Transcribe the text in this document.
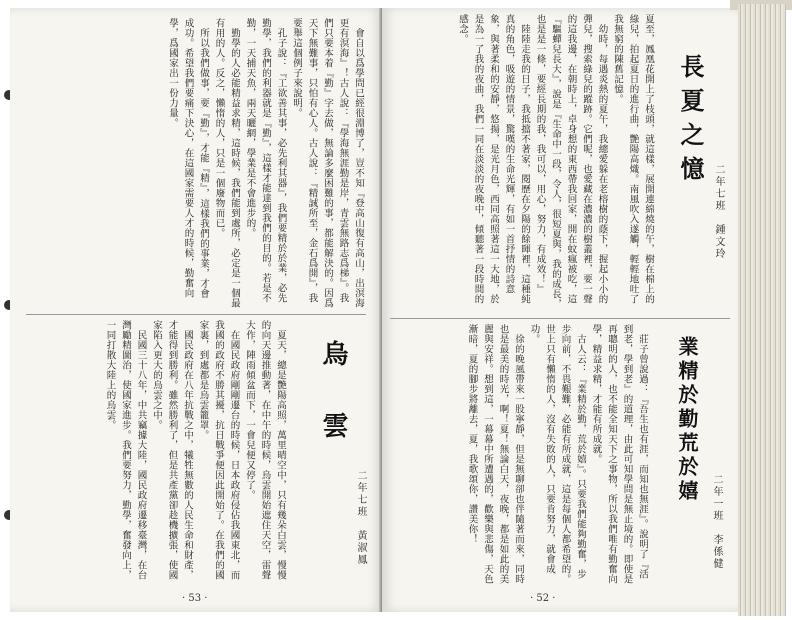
　會自以爲學問已經很淵博了，豈不知『登高山復有高山，出溟海更有溟海』！古人說：『學海無涯勤是岸，青雲無路志爲梯』。我們只要本着『勤』字去做，無論多麼困難的事，都能解決的。因爲天下無難事，只怕有心人。古人說：『精誠所至，金石爲開』，我要舉這個例子來說明。
　孔子說：『工欲善其事，必先利其器』，我們要精於於業，必先勤學，我們的利器就是『勤』，這樣才能達到我們的目的。若是不勤，一天捕天魚，兩天曬網，學業是不會進步的。
　勤學的人必能精益求精，這時候，我們能到處所，必定是一個最有用的人。反之，懶惰的人，只是一個廢物而已。
　所以我們做事，要『勤』，才能『精』，這樣我們的事業，才會成功。希望我們要痛下決心，在這國家需要人才的時候，勤奮向學，爲國家出一份力量。
烏　雲
二年七班　黃淑鳳
　夏天，總是艷陽高照，萬里晴空中，只有幾朵白雲，慢慢的向天邊推動著，在中午的時候，烏雲開始遮住天空，雷聲大作，陣雨傾盆而下，一會兒便又停了。
　在國民政府剛剛遷台的時候，日本政府侵佔我國東北，而我國的政府不勝其擾，抗日戰爭便因此開始了。在我們的國家裏，到處都是烏雲籠罩。
　國民政府在八年抗戰之中，犧牲無數的人民生命和財產，才能得到勝利。雖然勝利了，但是共產黨卻趁機擴張，使國家陷入更大的烏雲之中。
　民國三十八年，中共竊據大陸，國民政府遷移臺灣，在台灣勵精圖治，使國家進步。我們要努力，勤學，奮發向上，一同打散大陸上的烏雲。
· 53 ·
長夏之憶
二年七班　鍾文玲
夏至，鳳凰花開上了枝頭，就這樣，展開連綿燒的午，樹在棉上的綠兒，拍起夏日的進行曲，艷陽高熾。南風吹入遂觸，輕輕地吐了我無窮的陳舊記憶。
　幼時，每遇炎熱的夏午，我總愛躲在老榕樹的蔭下，握起小小的彈兒，搜索綠兒的蹤跡。它們呢，也愛藏在濃濃的樹叢裡，要一聲的這我邊，在朝時上，卓身想的東西帶我回家，開在蚊瘋被吃，這『驅蟬兒長大』，說是『生命中一段，令人，很短夏與，我的成長，也是是一條，要經長期的我，我可以，用心，努力，有成效！』
　陸陸走我的日子，我抵擋不著家，閱歷在夕陽的餘暉裡，這種純真的角色，吸遊的情景，驚嘆的生命光輝，有如一首抒情的詩意象，與著柔和的安靜，悠揚，是光月色，西同高照著這一大地，於是為一了我的夜曲，我們一同在淡淡的夜晚中，傾聽著一段時間的感念。
業精於勤荒於嬉
二年一班　李係健
　莊子曾說過：『吾生也有涯，而知也無涯』。說明了『活到老，學到老』的道理，由此可知學問是無止境的。即使是再聰明的人，也不能全知天下之事物，所以我們唯有勤奮向學，精益求精，才能有所成就。
　古人云：『業精於勤，荒於嬉』。只要我們能夠勤奮，步步向前，不畏艱難，必能有所成就，這是每個人都希望的。世上只有懶惰的人，沒有失敗的人，只要肯努力，就會成功。
　徐的晚風帶來一股寧靜，但是無聊卻也伴隨著而來，同時也是最美的時光，啊！夏！無論白天，夜晚，都是如此的美麗與安祥。想到這，一幕幕中所遭遇的，歡樂與悲傷，天色漸暗，夏的腳步將離去，夏，我歌頌你，讚美你！
· 52 ·
